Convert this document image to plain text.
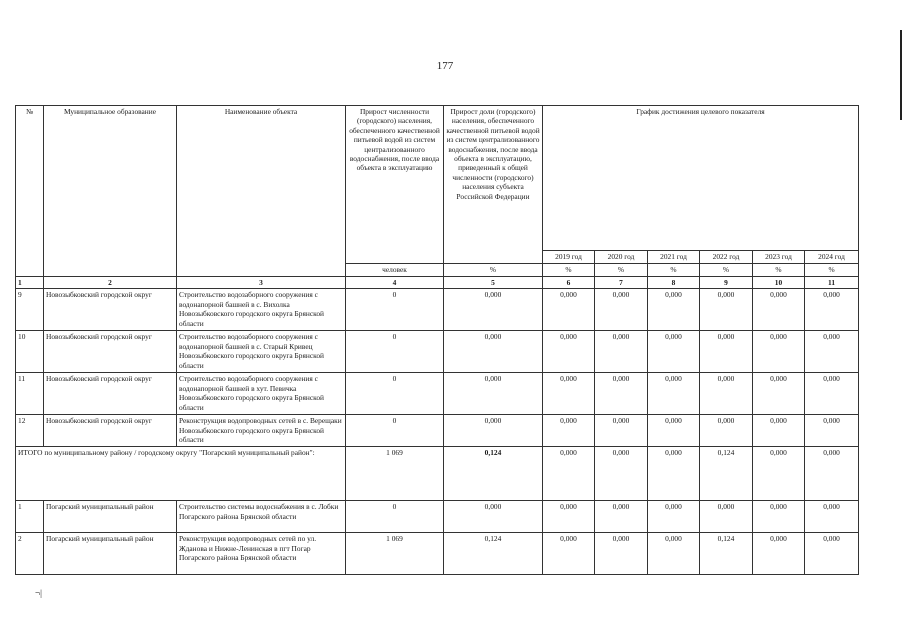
177
№	Муниципальное образование	Наименование объекта	Прирост численности (городского) населения, обеспеченного качественной питьевой водой из систем централизованного водоснабжения, после ввода объекта в эксплуатацию	Прирост доли (городского) населения, обеспеченного качественной питьевой водой из систем централизованного водоснабжения, после ввода объекта в эксплуатацию, приведенный к общей численности (городского) населения субъекта Российской Федерации	График достижения целевого показателя					
					2019 год	2020 год	2021 год	2022 год	2023 год	2024 год
			человек	%	%	%	%	%	%	%
1	2	3	4	5	6	7	8	9	10	11
9	Новозыбковский городской округ	Строительство водозаборного сооружения с водонапорной башней в с. Вихолка Новозыбковского городского округа Брянской области	0	0,000	0,000	0,000	0,000	0,000	0,000	0,000
10	Новозыбковский городской округ	Строительство водозаборного сооружения с водонапорной башней в с. Старый Кривец Новозыбковского городского округа Брянской области	0	0,000	0,000	0,000	0,000	0,000	0,000	0,000
11	Новозыбковский городской округ	Строительство водозаборного сооружения с водонапорной башней в хут. Певичка Новозыбковского городского округа Брянской области	0	0,000	0,000	0,000	0,000	0,000	0,000	0,000
12	Новозыбковский городской округ	Реконструкция водопроводных сетей в с. Верещаки Новозыбковского городского округа Брянской области	0	0,000	0,000	0,000	0,000	0,000	0,000	0,000
ИТОГО по муниципальному району / городскому округу "Погарский муниципальный район":			1 069	0,124	0,000	0,000	0,000	0,124	0,000	0,000
1	Погарский муниципальный район	Строительство системы водоснабжения в с. Лобки Погарского района Брянской области	0	0,000	0,000	0,000	0,000	0,000	0,000	0,000
2	Погарский муниципальный район	Реконструкция водопроводных сетей по ул. Жданова и Нижне-Ленинская в пгт Погар Погарского района Брянской области	1 069	0,124	0,000	0,000	0,000	0,124	0,000	0,000
¬|
